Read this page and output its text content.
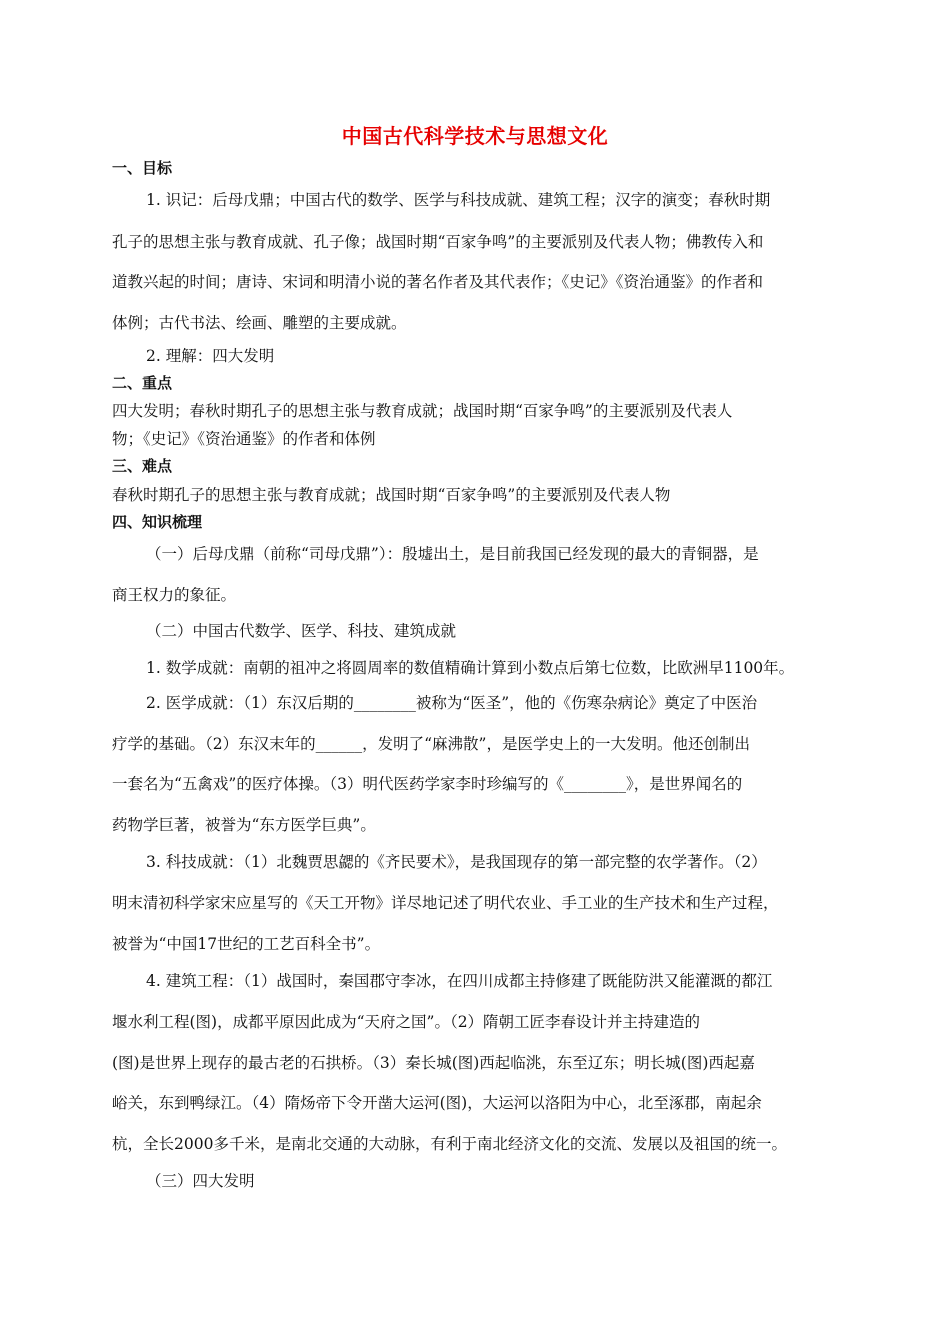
中国古代科学技术与思想文化
一、目标
1. 识记：后母戊鼎；中国古代的数学、医学与科技成就、建筑工程；汉字的演变；春秋时期
孔子的思想主张与教育成就、孔子像；战国时期“百家争鸣”的主要派别及代表人物；佛教传入和
道教兴起的时间；唐诗、宋词和明清小说的著名作者及其代表作；《史记》《资治通鉴》的作者和
体例；古代书法、绘画、雕塑的主要成就。
2. 理解：四大发明
二、重点
四大发明；春秋时期孔子的思想主张与教育成就；战国时期“百家争鸣”的主要派别及代表人
物；《史记》《资治通鉴》的作者和体例
三、难点
春秋时期孔子的思想主张与教育成就；战国时期“百家争鸣”的主要派别及代表人物
四、知识梳理
（一）后母戊鼎（前称“司母戊鼎”）：殷墟出土，是目前我国已经发现的最大的青铜器，是
商王权力的象征。
（二）中国古代数学、医学、科技、建筑成就
1. 数学成就：南朝的祖冲之将圆周率的数值精确计算到小数点后第七位数，比欧洲早1100年。
2. 医学成就：（1）东汉后期的________被称为“医圣”，他的《伤寒杂病论》奠定了中医治
疗学的基础。（2）东汉末年的______，发明了“麻沸散”，是医学史上的一大发明。他还创制出
一套名为“五禽戏”的医疗体操。（3）明代医药学家李时珍编写的《________》，是世界闻名的
药物学巨著，被誉为“东方医学巨典”。
3. 科技成就：（1）北魏贾思勰的《齐民要术》，是我国现存的第一部完整的农学著作。（2）
明末清初科学家宋应星写的《天工开物》详尽地记述了明代农业、手工业的生产技术和生产过程，
被誉为“中国17世纪的工艺百科全书”。
4. 建筑工程：（1）战国时，秦国郡守李冰，在四川成都主持修建了既能防洪又能灌溉的都江
堰水利工程(图)，成都平原因此成为“天府之国”。（2）隋朝工匠李春设计并主持建造的
(图)是世界上现存的最古老的石拱桥。（3）秦长城(图)西起临洮，东至辽东；明长城(图)西起嘉
峪关，东到鸭绿江。（4）隋炀帝下令开凿大运河(图)，大运河以洛阳为中心，北至涿郡，南起余
杭，全长2000多千米，是南北交通的大动脉，有利于南北经济文化的交流、发展以及祖国的统一。
（三）四大发明
